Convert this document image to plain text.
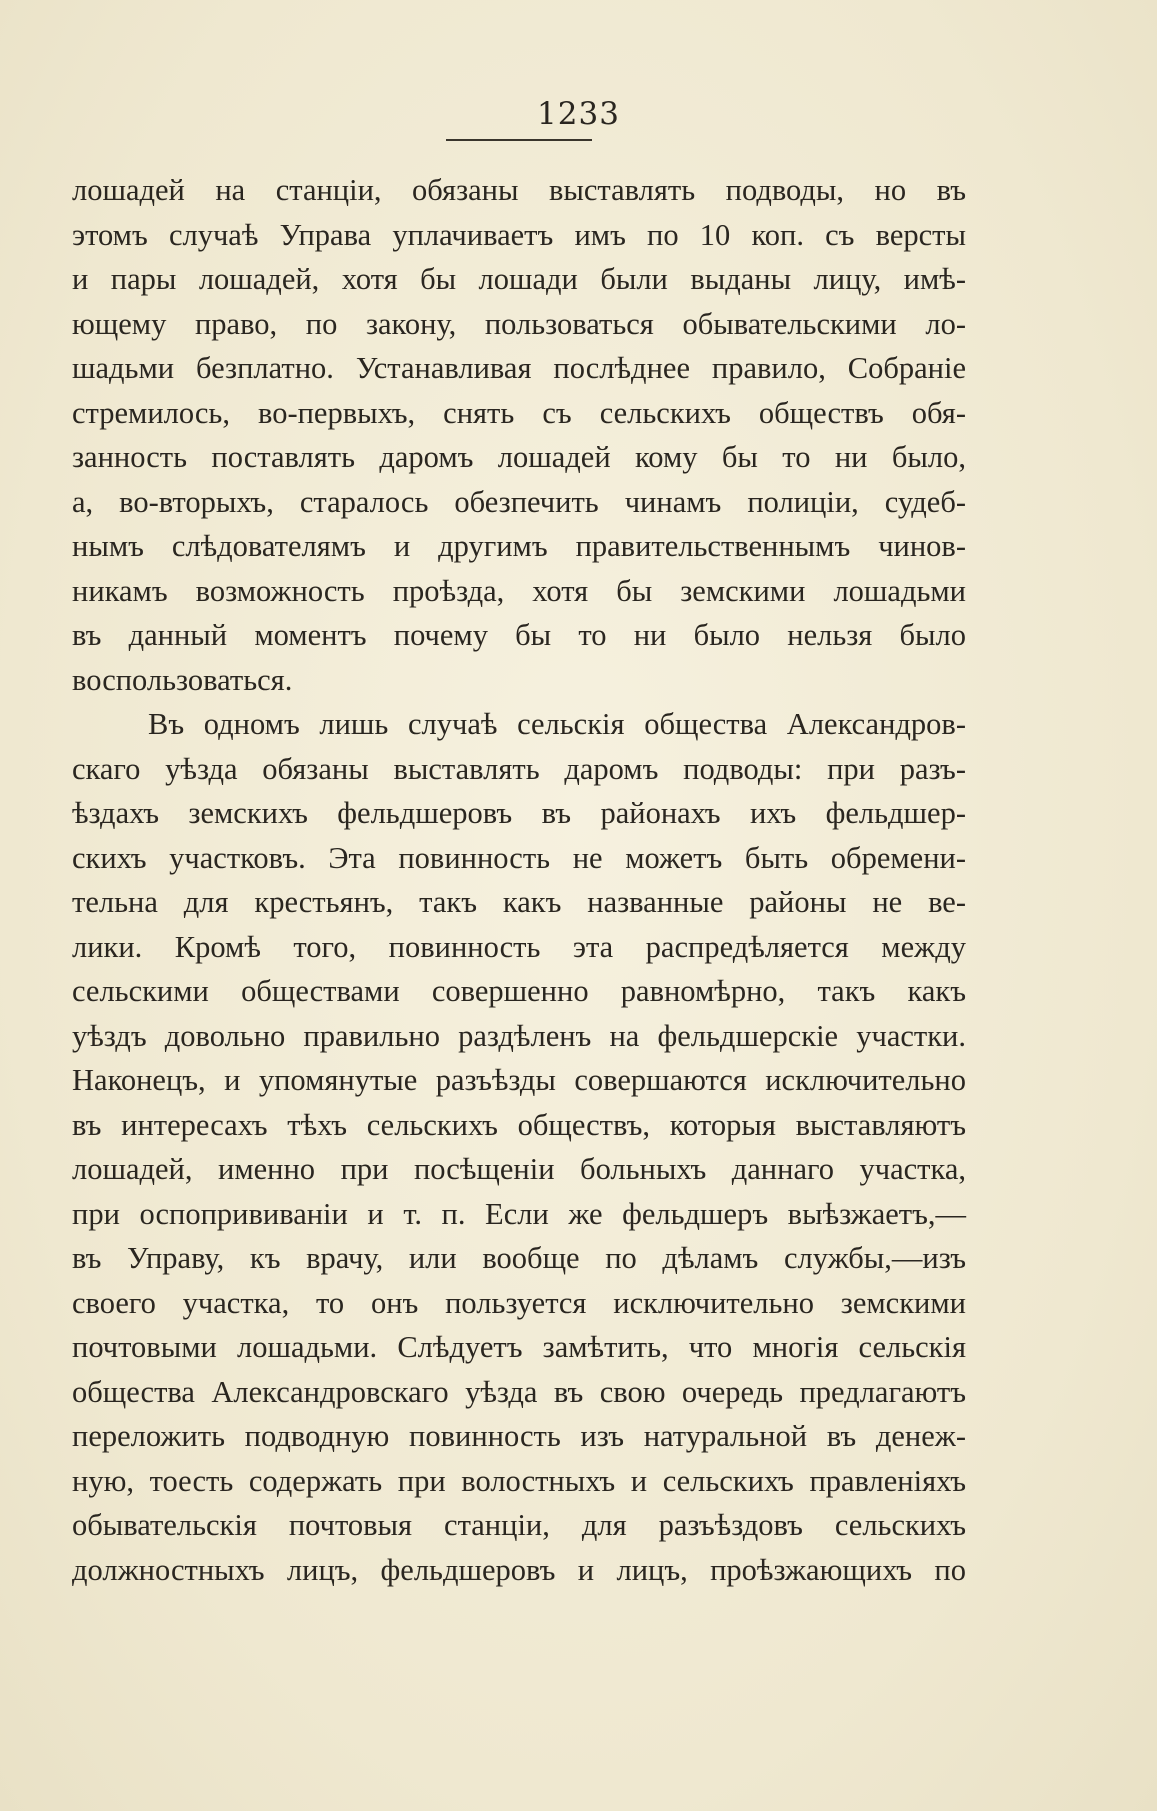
1233
лошадей на станціи, обязаны выставлять подводы, но въ
этомъ случаѣ Управа уплачиваетъ имъ по 10 коп. съ версты
и пары лошадей, хотя бы лошади были выданы лицу, имѣ-
ющему право, по закону, пользоваться обывательскими ло-
шадьми безплатно. Устанавливая послѣднее правило, Собраніе
стремилось, во-первыхъ, снять съ сельскихъ обществъ обя-
занность поставлять даромъ лошадей кому бы то ни было,
а, во-вторыхъ, старалось обезпечить чинамъ полиціи, судеб-
нымъ слѣдователямъ и другимъ правительственнымъ чинов-
никамъ возможность проѣзда, хотя бы земскими лошадьми
въ данный моментъ почему бы то ни было нельзя было
воспользоваться.
Въ одномъ лишь случаѣ сельскія общества Александров-
скаго уѣзда обязаны выставлять даромъ подводы: при разъ-
ѣздахъ земскихъ фельдшеровъ въ районахъ ихъ фельдшер-
скихъ участковъ. Эта повинность не можетъ быть обремени-
тельна для крестьянъ, такъ какъ названные районы не ве-
лики. Кромѣ того, повинность эта распредѣляется между
сельскими обществами совершенно равномѣрно, такъ какъ
уѣздъ довольно правильно раздѣленъ на фельдшерскіе участки.
Наконецъ, и упомянутые разъѣзды совершаются исключительно
въ интересахъ тѣхъ сельскихъ обществъ, которыя выставляютъ
лошадей, именно при посѣщеніи больныхъ даннаго участка,
при оспопрививаніи и т. п. Если же фельдшеръ выѣзжаетъ,—
въ Управу, къ врачу, или вообще по дѣламъ службы,—изъ
своего участка, то онъ пользуется исключительно земскими
почтовыми лошадьми. Слѣдуетъ замѣтить, что многія сельскія
общества Александровскаго уѣзда въ свою очередь предлагаютъ
переложить подводную повинность изъ натуральной въ денеж-
ную, тоесть содержать при волостныхъ и сельскихъ правленіяхъ
обывательскія почтовыя станціи, для разъѣздовъ сельскихъ
должностныхъ лицъ, фельдшеровъ и лицъ, проѣзжающихъ по
